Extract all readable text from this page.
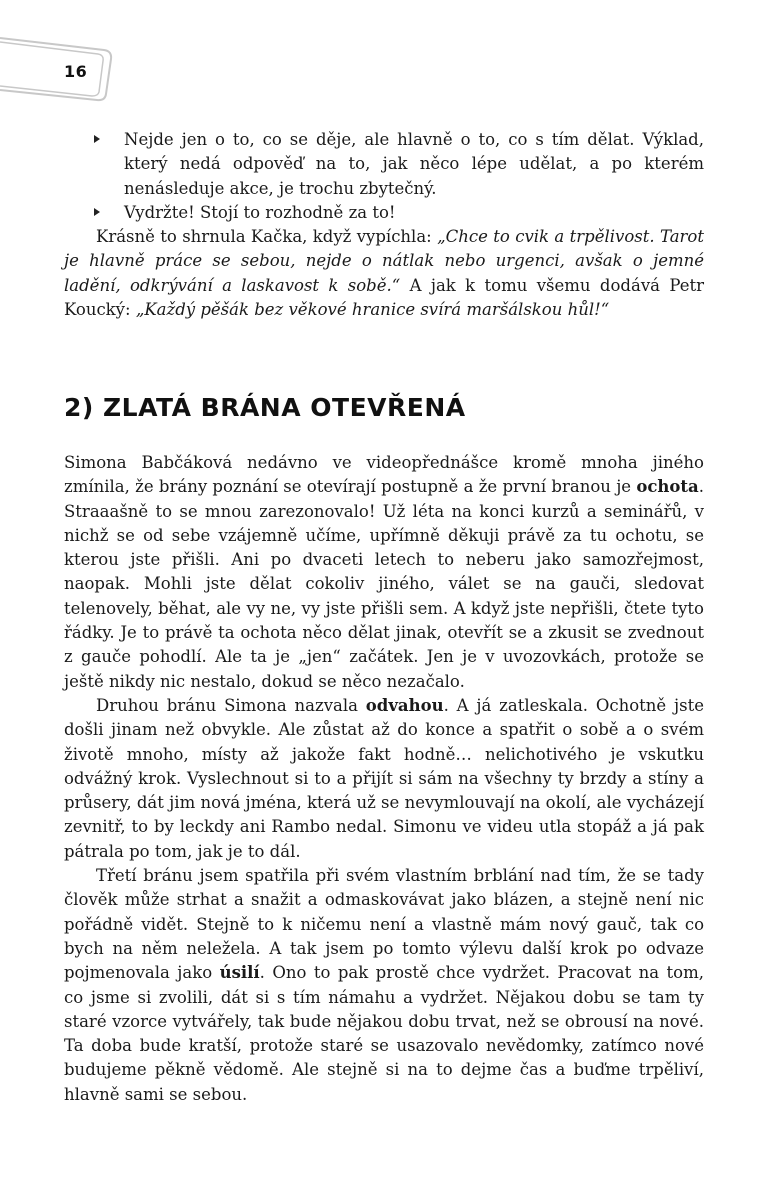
16
Nejde jen o to, co se děje, ale hlavně o to, co s tím dělat. Výklad, který nedá odpověď na to, jak něco lépe udělat, a po kterém nenásleduje akce, je trochu zbytečný.
Vydržte! Stojí to rozhodně za to!

Krásně to shrnula Kačka, když vypíchla: „Chce to cvik a trpělivost. Tarot je hlavně práce se sebou, nejde o nátlak nebo urgenci, avšak o jemné ladění, odkrývání a laskavost k sobě.“ A jak k tomu všemu dodává Petr Koucký: „Každý pěšák bez věkové hranice svírá maršálskou hůl!“

2) ZLATÁ BRÁNA OTEVŘENÁ

Simona Babčáková nedávno ve videopřednášce kromě mnoha jiného zmínila, že brány poznání se otevírají postupně a že první branou je ochota. Straaašně to se mnou zarezonovalo! Už léta na konci kurzů a seminářů, v nichž se od sebe vzájemně učíme, upřímně děkuji právě za tu ochotu, se kterou jste přišli. Ani po dvaceti letech to neberu jako samozřejmost, naopak. Mohli jste dělat cokoliv jiného, válet se na gauči, sledovat telenovely, běhat, ale vy ne, vy jste přišli sem. A když jste nepřišli, čtete tyto řádky. Je to právě ta ochota něco dělat jinak, otevřít se a zkusit se zvednout z gauče pohodlí. Ale ta je „jen“ začátek. Jen je v uvozovkách, protože se ještě nikdy nic nestalo, dokud se něco nezačalo.

Druhou bránu Simona nazvala odvahou. A já zatleskala. Ochotně jste došli jinam než obvykle. Ale zůstat až do konce a spatřit o sobě a o svém životě mnoho, místy až jakože fakt hodně… nelichotivého je vskutku odvážný krok. Vyslechnout si to a přijít si sám na všechny ty brzdy a stíny a průsery, dát jim nová jména, která už se nevymlouvají na okolí, ale vycházejí zevnitř, to by leckdy ani Rambo nedal. Simonu ve videu utla stopáž a já pak pátrala po tom, jak je to dál.

Třetí bránu jsem spatřila při svém vlastním brblání nad tím, že se tady člověk může strhat a snažit a odmaskovávat jako blázen, a stejně není nic pořádně vidět. Stejně to k ničemu není a vlastně mám nový gauč, tak co bych na něm neležela. A tak jsem po tomto výlevu další krok po odvaze pojmenovala jako úsilí. Ono to pak prostě chce vydržet. Pracovat na tom, co jsme si zvolili, dát si s tím námahu a vydržet. Nějakou dobu se tam ty staré vzorce vytvářely, tak bude nějakou dobu trvat, než se obrousí na nové. Ta doba bude kratší, protože staré se usazovalo nevědomky, zatímco nové budujeme pěkně vědomě. Ale stejně si na to dejme čas a buďme trpěliví, hlavně sami se sebou.
